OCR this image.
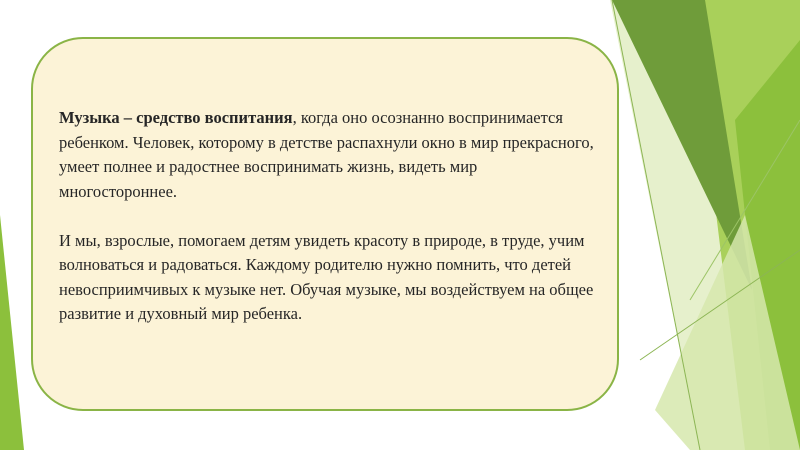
Музыка – средство воспитания, когда оно осознанно воспринимается ребенком. Человек, которому в детстве распахнули окно в мир прекрасного, умеет полнее и радостнее воспринимать жизнь, видеть мир многостороннее.

И мы, взрослые, помогаем детям увидеть красоту в природе, в труде, учим волноваться и радоваться. Каждому родителю нужно помнить, что детей невосприимчивых к музыке нет. Обучая музыке, мы воздействуем на общее развитие и духовный мир ребенка.
